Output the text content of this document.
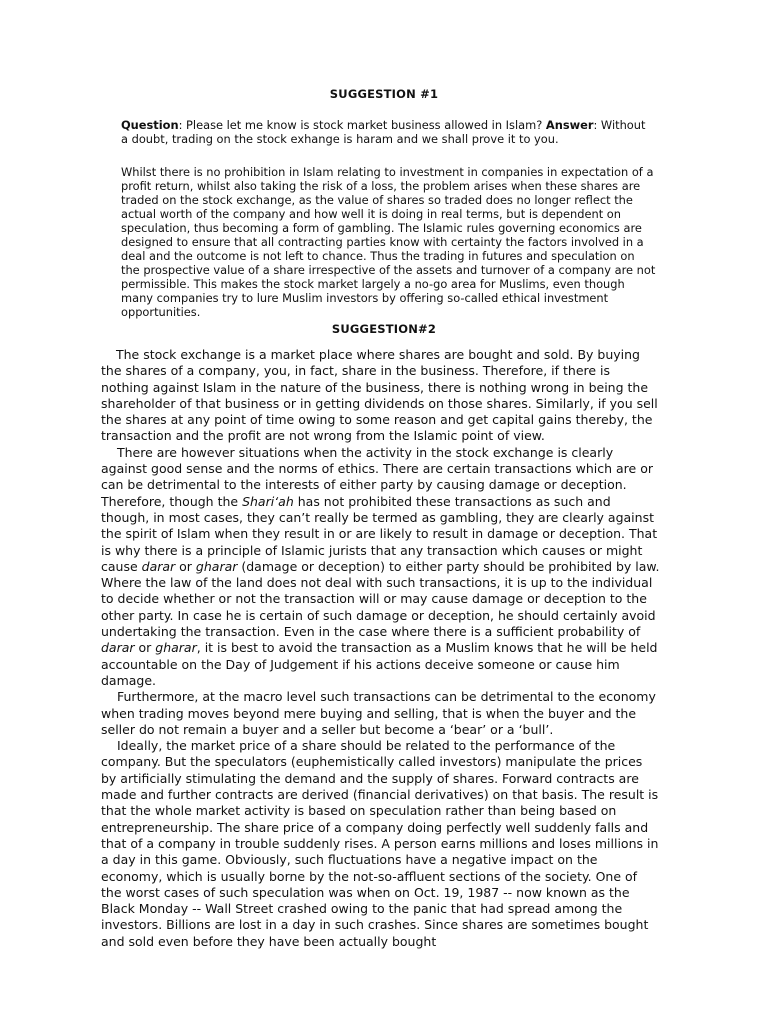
SUGGESTION #1

Question: Please let me know is stock market business allowed in Islam? Answer: Without a doubt, trading on the stock exhange is haram and we shall prove it to you.

Whilst there is no prohibition in Islam relating to investment in companies in expectation of a profit return, whilst also taking the risk of a loss, the problem arises when these shares are traded on the stock exchange, as the value of shares so traded does no longer reflect the actual worth of the company and how well it is doing in real terms, but is dependent on speculation, thus becoming a form of gambling. The Islamic rules governing economics are designed to ensure that all contracting parties know with certainty the factors involved in a deal and the outcome is not left to chance. Thus the trading in futures and speculation on the prospective value of a share irrespective of the assets and turnover of a company are not permissible. This makes the stock market largely a no-go area for Muslims, even though many companies try to lure Muslim investors by offering so-called ethical investment opportunities.

SUGGESTION#2

The stock exchange is a market place where shares are bought and sold. By buying the shares of a company, you, in fact, share in the business. Therefore, if there is nothing against Islam in the nature of the business, there is nothing wrong in being the shareholder of that business or in getting dividends on those shares. Similarly, if you sell the shares at any point of time owing to some reason and get capital gains thereby, the transaction and the profit are not wrong from the Islamic point of view.

There are however situations when the activity in the stock exchange is clearly against good sense and the norms of ethics. There are certain transactions which are or can be detrimental to the interests of either party by causing damage or deception. Therefore, though the Shari‘ah has not prohibited these transactions as such and though, in most cases, they can’t really be termed as gambling, they are clearly against the spirit of Islam when they result in or are likely to result in damage or deception. That is why there is a principle of Islamic jurists that any transaction which causes or might cause darar or gharar (damage or deception) to either party should be prohibited by law. Where the law of the land does not deal with such transactions, it is up to the individual to decide whether or not the transaction will or may cause damage or deception to the other party. In case he is certain of such damage or deception, he should certainly avoid undertaking the transaction. Even in the case where there is a sufficient probability of darar or gharar, it is best to avoid the transaction as a Muslim knows that he will be held accountable on the Day of Judgement if his actions deceive someone or cause him damage.

Furthermore, at the macro level such transactions can be detrimental to the economy when trading moves beyond mere buying and selling, that is when the buyer and the seller do not remain a buyer and a seller but become a ‘bear’ or a ‘bull’.

Ideally, the market price of a share should be related to the performance of the company. But the speculators (euphemistically called investors) manipulate the prices by artificially stimulating the demand and the supply of shares. Forward contracts are made and further contracts are derived (financial derivatives) on that basis. The result is that the whole market activity is based on speculation rather than being based on entrepreneurship. The share price of a company doing perfectly well suddenly falls and that of a company in trouble suddenly rises. A person earns millions and loses millions in a day in this game. Obviously, such fluctuations have a negative impact on the economy, which is usually borne by the not-so-affluent sections of the society. One of the worst cases of such speculation was when on Oct. 19, 1987 -- now known as the Black Monday -- Wall Street crashed owing to the panic that had spread among the investors. Billions are lost in a day in such crashes. Since shares are sometimes bought and sold even before they have been actually bought
